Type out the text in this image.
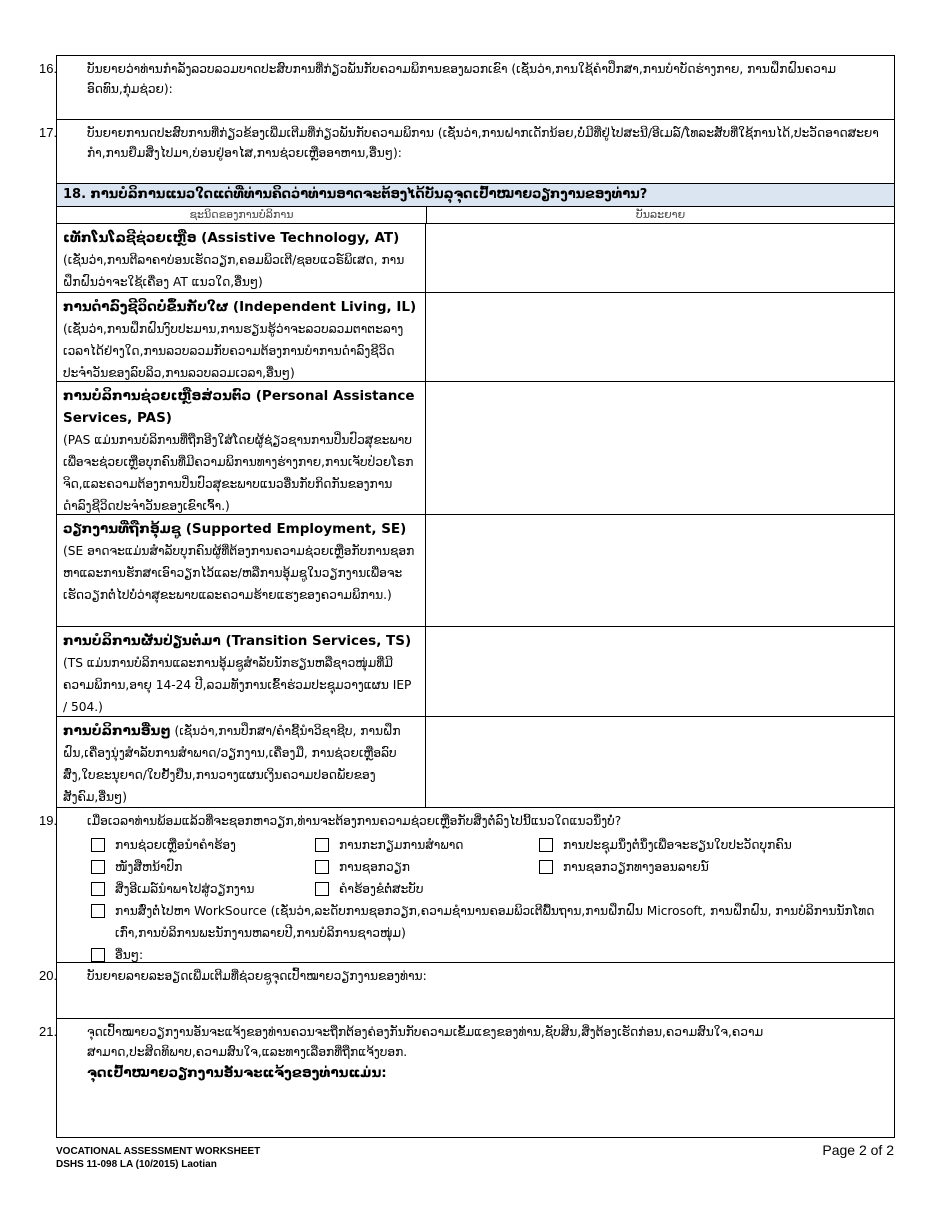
16. ບັນຍາຍວ່າທ່ານກຳລັງລວບລວມບາດປະສົບການທີ່ກ່ຽວພັນກັບຄວາມພິການຂອງພວກເຂົາ (ເຊັ່ນວ່າ,ການໃຊ້ຄຳປຶກສາ,ການບຳບັດຮ່າງກາຍ, ການຝຶກຝົນຄວາມອົດທົນ,ກຸ່ມຊ່ວຍ):
17. ບັນຍາຍການດປະສົບການທີ່ກ່ຽວຂ້ອງເພີ່ມເຕີມທີ່ກ່ຽວພັນກັບຄວາມພິການ (ເຊັ່ນວ່າ,ການຝາກເດັກນ້ອຍ,ບໍ່ມີທີ່ຢູ່ໄປສະນີ/ອີເມລ໌/ໂທລະສັບທີ່ໃຊ້ການໄດ້,ປະວັດອາດສະຍາກຳ,ການຍືມສິ່ງໄປມາ,ບ່ອນຢູ່ອາໄສ,ການຊ່ວຍເຫຼືອອາຫານ,ອື່ນໆ):
18. ການບໍລິການແນວໃດແດ່ທີ່ທ່ານຄິດວ່າທ່ານອາດຈະຕ້ອງໄດ້ບັນລຸຈຸດເປົ້າໝາຍວຽກງານຂອງທ່ານ?
ຊະນິດຂອງການບໍລິການ	ບັນລະຍາຍ
ເທັກໂນໂລຊີຊ່ວຍເຫຼືອ (Assistive Technology, AT)
(ເຊັ່ນວ່າ,ການຕີລາຄາບ່ອນເຮັດວຽກ,ຄອມພິວເຕີ/ຊອບແວຣ໌ພິເສດ, ການຝຶກຝົນວ່າຈະໃຊ້ເຄື່ອງ AT ແນວໃດ,ອື່ນໆ)
ການດຳລົງຊີວິດບໍ່ຂຶ້ນກັບໃຜ (Independent Living, IL)
(ເຊັ່ນວ່າ,ການຝຶກຝົນງົບປະມານ,ການຮຽນຮູ້ວ່າຈະລວບລວມຕາຕະລາງເວລາໄດ້ຢ່າງໃດ,ການລວບລວມກັບຄວາມຕ້ອງການບໍາການດຳລົງຊີວິດປະຈຳວັນຂອງລົບລິວ,ການລວບລວມເວລາ,ອື່ນໆ)
ການບໍລິການຊ່ວຍເຫຼືອສ່ວນຕົວ (Personal Assistance Services, PAS)
(PAS ແມ່ນການບໍລິການທີ່ຖືກອີງໃສ່ໂດຍຜູ້ຊ່ຽວຊານການປິ່ນປົວສຸຂະພາບເພື່ອຈະຊ່ວຍເຫຼືອບຸກຄົນທີ່ມີຄວາມພິການທາງຮ່າງກາຍ,ການເຈັບປ່ວຍໂຣກຈິດ,ແລະຄວາມຕ້ອງການປິ່ນປົວສຸຂະພາບແນວອື່ນກັບກິດກັນຂອງການດຳລົງຊີວິດປະຈຳວັນຂອງເຂົາເຈົ້າ.)
ວຽກງານທີ່ຖືກອຸ້ມຊູ (Supported Employment, SE)
(SE ອາດຈະແມ່ນສຳລັບບຸກຄົນຜູ້ທີ່ຕ້ອງການຄວາມຊ່ວຍເຫຼືອກັບການຊອກຫາແລະການຮັກສາເອົາວຽກໄວ້ແລະ/ຫລືການອຸ້ມຊູໃນວຽກງານເພື່ອຈະເຮັດວຽກຕໍ່ໄປບໍ່ວ່າສຸຂະພາບແລະຄວາມຮ້າຍແຮງຂອງຄວາມພິການ.)
ການບໍລິການຜັນປ່ຽນຕໍ່ມາ (Transition Services, TS)
(TS ແມ່ນການບໍລິການແລະການອຸ້ມຊູສຳລັບນັກຮຽນຫລືຊາວໜຸ່ມທີ່ມີຄວາມພິການ,ອາຍຸ 14-24 ປີ,ລວມທັງການເຂົ້າຮ່ວມປະຊຸມວາງແຜນ IEP / 504.)
ການບໍລິການອື່ນໆ (ເຊັ່ນວ່າ,ການປຶກສາ/ຄຳຊີ້ນຳວິຊາຊີບ, ການຝຶກຝົນ,ເຄື່ອງນຸ່ງສຳລັບການສຳພາດ/ວຽກງານ,ເຄື່ອງມື, ການຊ່ວຍເຫຼືອລົບສົ່ງ,ໃບຂະນຸຍາດ/ໃບຢັ້ງຢືນ,ການວາງແຜນເງິນຄວາມປອດພັຍຂອງສັງຄົມ,ອື່ນໆ)
19. ເມື່ອເວລາທ່ານພ້ອມແລ້ວທີ່ຈະຊອກຫາວຽກ,ທ່ານຈະຕ້ອງການຄວາມຊ່ວຍເຫຼືອກັບສິ່ງຕໍ່ລົງໄປນີ້ແນວໃດແນວນຶ່ງບໍ່?
ການຊ່ວຍເຫຼືອນຳຄຳຮ້ອງ	ການກະກຽມການສຳພາດ	ການປະຊຸມນຶ່ງຕໍ່ນຶ່ງເພື່ອຈະຮຽນໃບປະວັດບຸກຄົນ
ໜັງສືຫນ້າປົກ	ການຊອກວຽກ	ການຊອກວຽກທາງອອນລາຍນ໌
ສິ່ງອີເມລ໌ນຳພາໄປສູ່ວຽກງານ	ຄຳຮ້ອງຂໍຕໍ່ສະບັບ
ການສົ່ງຕໍ່ໄປຫາ WorkSource (ເຊັ່ນວ່າ,ລະດັບການຊອກວຽກ,ຄວາມຊຳນານຄອມພິວເຕີພື້ນຖານ,ການຝຶກຝົນ Microsoft, ການຝຶກຝົນ, ການບໍລິການນັກໂທດເກົ່າ,ການບໍລິການພະນັກງານຫລາຍປີ,ການບໍລິການຊາວໜຸ່ມ)
ອື່ນໆ:
20. ບັນຍາຍລາຍລະອຽດເພີ່ມເຕີມທີ່ຊ່ວຍຊູຈຸດເປົ້າໝາຍວຽກງານຂອງທ່ານ:
21. ຈຸດເປົ້າໝາຍວຽກງານອັນຈະແຈ້ງຂອງທ່ານຄວນຈະຖືກຕ້ອງຄ່ອງກັນກັບຄວາມເຂັ້ມແຂງຂອງທ່ານ,ຊັບສິນ,ສິ່ງຕ້ອງເຮັດກ່ອນ,ຄວາມສົນໃຈ,ຄວາມສາມາດ,ປະສິດທິພາບ,ຄວາມສົນໃຈ,ແລະທາງເລືອກທີ່ຖືກແຈ້ງບອກ.
ຈຸດເປົ້າໝາຍວຽກງານອັນຈະແຈ້ງຂອງທ່ານແມ່ນ:
VOCATIONAL ASSESSMENT WORKSHEET
DSHS 11-098 LA (10/2015) Laotian
Page 2 of 2
